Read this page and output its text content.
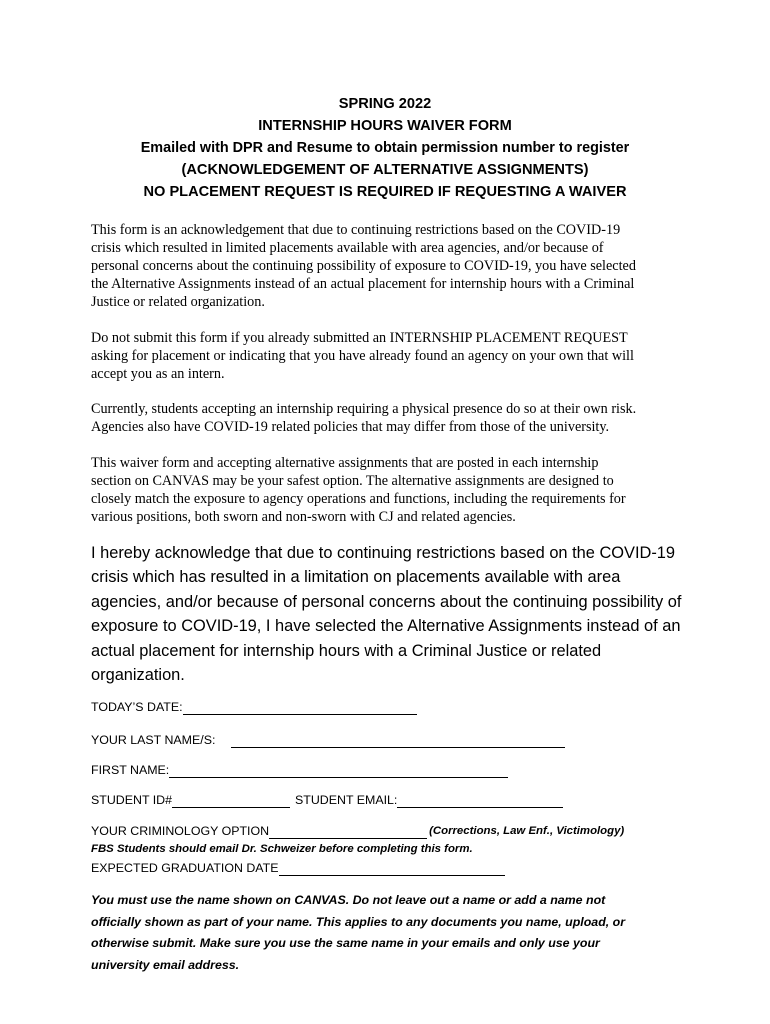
SPRING 2022
INTERNSHIP HOURS WAIVER FORM
Emailed with DPR and Resume to obtain permission number to register
(ACKNOWLEDGEMENT OF ALTERNATIVE ASSIGNMENTS)
NO PLACEMENT REQUEST IS REQUIRED IF REQUESTING A WAIVER
This form is an acknowledgement that due to continuing restrictions based on the COVID-19
crisis which resulted in limited placements available with area agencies, and/or because of
personal concerns about the continuing possibility of exposure to COVID-19, you have selected
the Alternative Assignments instead of an actual placement for internship hours with a Criminal
Justice or related organization.
Do not submit this form if you already submitted an INTERNSHIP PLACEMENT REQUEST
asking for placement or indicating that you have already found an agency on your own that will
accept you as an intern.
Currently, students accepting an internship requiring a physical presence do so at their own risk.
Agencies also have COVID-19 related policies that may differ from those of the university.
This waiver form and accepting alternative assignments that are posted in each internship
section on CANVAS may be your safest option. The alternative assignments are designed to
closely match the exposure to agency operations and functions, including the requirements for
various positions, both sworn and non-sworn with CJ and related agencies.
I hereby acknowledge that due to continuing restrictions based on the COVID-19
crisis which has resulted in a limitation on placements available with area
agencies, and/or because of personal concerns about the continuing possibility of
exposure to COVID-19, I have selected the Alternative Assignments instead of an
actual placement for internship hours with a Criminal Justice or related
organization.
TODAY’S DATE:
YOUR LAST NAME/S:
FIRST NAME:
STUDENT ID#	STUDENT EMAIL:
YOUR CRIMINOLOGY OPTION	(Corrections, Law Enf., Victimology)
FBS Students should email Dr. Schweizer before completing this form.
EXPECTED GRADUATION DATE
You must use the name shown on CANVAS. Do not leave out a name or add a name not
officially shown as part of your name. This applies to any documents you name, upload, or
otherwise submit. Make sure you use the same name in your emails and only use your
university email address.
